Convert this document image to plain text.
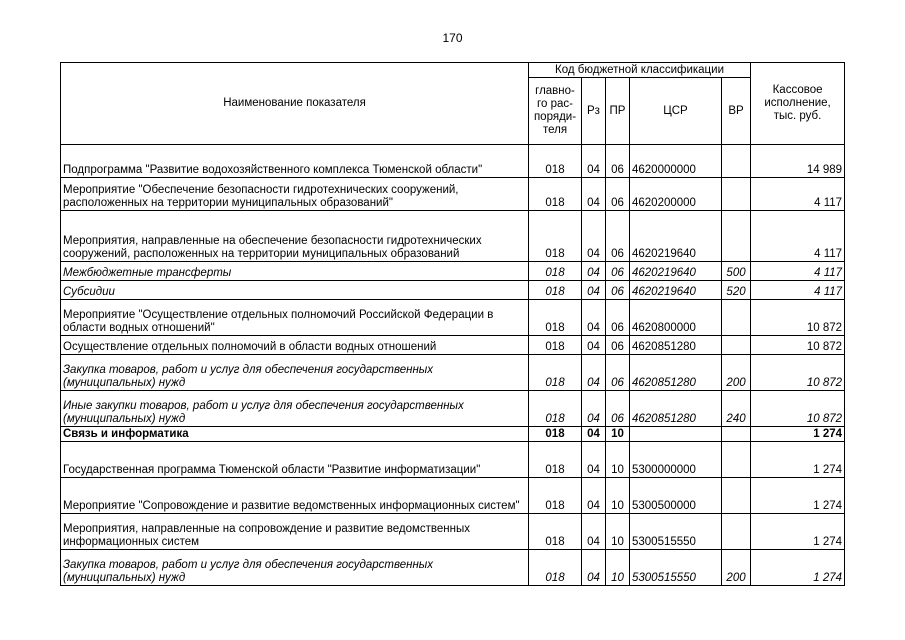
170
Наименование показателя	Код бюджетной классификации					Кассовое
исполнение,
тыс. руб.
	главно-
го рас-
поряди-
теля	Рз	ПР	ЦСР	ВР	
Подпрограмма "Развитие водохозяйственного комплекса Тюменской области"	018	04	06	4620000000		14 989
Мероприятие "Обеспечение безопасности гидротехнических сооружений, расположенных на территории муниципальных образований"	018	04	06	4620200000		4 117
Мероприятия, направленные на обеспечение безопасности гидротехнических сооружений, расположенных на территории муниципальных образований	018	04	06	4620219640		4 117
Межбюджетные трансферты	018	04	06	4620219640	500	4 117
Субсидии	018	04	06	4620219640	520	4 117
Мероприятие "Осуществление отдельных полномочий Российской Федерации в области водных отношений"	018	04	06	4620800000		10 872
Осуществление отдельных полномочий в области водных отношений	018	04	06	4620851280		10 872
Закупка товаров, работ и услуг для обеспечения государственных (муниципальных) нужд	018	04	06	4620851280	200	10 872
Иные закупки товаров, работ и услуг для обеспечения государственных (муниципальных) нужд	018	04	06	4620851280	240	10 872
Связь и информатика	018	04	10			1 274
Государственная программа Тюменской области "Развитие информатизации"	018	04	10	5300000000		1 274
Мероприятие "Сопровождение и развитие ведомственных информационных систем"	018	04	10	5300500000		1 274
Мероприятия, направленные на сопровождение и развитие ведомственных информационных систем	018	04	10	5300515550		1 274
Закупка товаров, работ и услуг для обеспечения государственных (муниципальных) нужд	018	04	10	5300515550	200	1 274
